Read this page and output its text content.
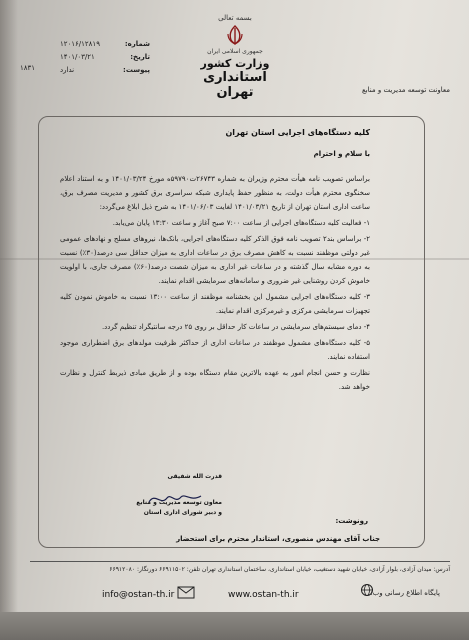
بسمه تعالی
جمهوری اسلامی ایران
وزارت کشور
استانداری تهران
شماره:
۱۲۰۱۶/۱۲۸۱۹
تاریخ:
۱۴۰۱/۰۳/۲۱
پیوست:
ندارد
۱۸۳۱
معاونت توسعه مدیریت و منابع
کلیه دستگاه‌های اجرایی استان تهران
با سلام و احترام

براساس تصویب نامه هیأت محترم وزیران به شماره ۲۶۷۴۳ت۵۹۷۹۰ه مورخ ۱۴۰۱/۰۳/۲۴ و به استناد اعلام سخنگوی محترم هیأت دولت، به منظور حفظ پایداری شبکه سراسری برق کشور و مدیریت مصرف برق، ساعت اداری استان تهران از تاریخ ۱۴۰۱/۰۳/۲۱ لغایت ۱۴۰۱/۰۶/۰۳ به شرح ذیل ابلاغ می‌گردد:

۱- فعالیت کلیه دستگاه‌های اجرایی از ساعت ۷:۰۰ صبح آغاز و ساعت ۱۳:۳۰ پایان می‌یابد.

۲- براساس بند۲ تصویب نامه فوق الذکر کلیه دستگاه‌های اجرایی، بانک‌ها، نیروهای مسلح و نهادهای عمومی غیر دولتی موظفند نسبت به کاهش مصرف برق در ساعات اداری به میزان حداقل سی درصد(۳۰٪) نسبت به دوره مشابه سال گذشته و در ساعات غیر اداری به میزان شصت درصد(۶۰٪) مصرف جاری، با اولویت خاموش کردن روشنایی غیر ضروری و سامانه‌های سرمایشی اقدام نمایند.

۳- کلیه دستگاه‌های اجرایی مشمول این بخشنامه موظفند از ساعت ۱۳:۰۰ نسبت به خاموش نمودن کلیه تجهیزات سرمایشی مرکزی و غیرمرکزی اقدام نمایند.

۴- دمای سیستم‌های سرمایشی در ساعات کار حداقل بر روی ۲۵ درجه سانتیگراد تنظیم گردد.

۵- کلیه دستگاه‌های مشمول موظفند در ساعات اداری از حداکثر ظرفیت مولدهای برق اضطراری موجود استفاده نمایند.

نظارت و حسن انجام امور به عهده بالاترین مقام دستگاه بوده و از طریق مبادی ذیربط کنترل و نظارت خواهد شد.

قدرت الله شفیقی
معاون توسعه مدیریت و منابع
و دبیر شورای اداری استان
رونوشت:
جناب آقای مهندس منصوری، استاندار محترم برای استحضار
آدرس: میدان آزادی، بلوار آزادی، خیابان شهید دستغیب، خیابان استانداری، ساختمان استانداری تهران تلفن: ۶۶۹۱۱۵۰۲ دورنگار: ۶۶۹۱۲۰۸۰
پایگاه اطلاع رسانی وب:
www.ostan-th.ir
info@ostan-th.ir
